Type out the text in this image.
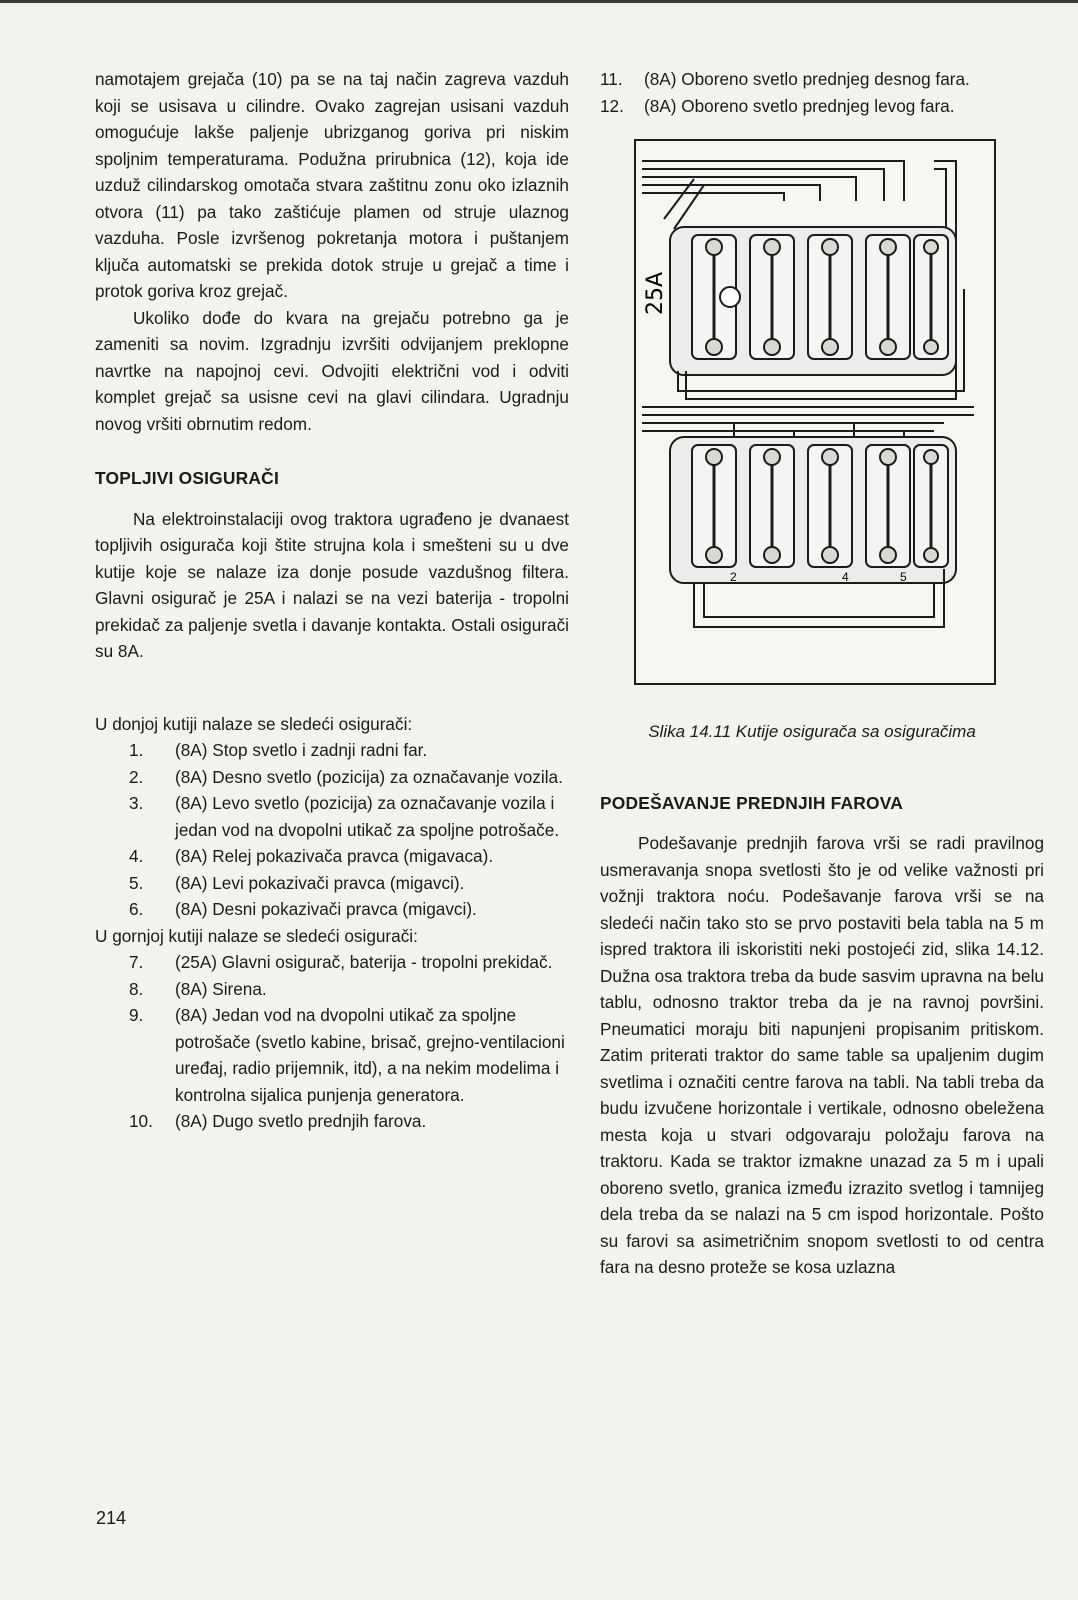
namotajem grejača (10) pa se na taj način zagreva vazduh koji se usisava u cilindre. Ovako zagrejan usisani vazduh omogućuje lakše paljenje ubrizganog goriva pri niskim spoljnim temperaturama. Podužna prirubnica (12), koja ide uzduž cilindarskog omotača stvara zaštitnu zonu oko izlaznih otvora (11) pa tako zaštićuje plamen od struje ulaznog vazduha. Posle izvršenog pokretanja motora i puštanjem ključa automatski se prekida dotok struje u grejač a time i protok goriva kroz grejač.

Ukoliko dođe do kvara na grejaču potrebno ga je zameniti sa novim. Izgradnju izvršiti odvijanjem preklopne navrtke na napojnoj cevi. Odvojiti električni vod i odviti komplet grejač sa usisne cevi na glavi cilindara. Ugradnju novog vršiti obrnutim redom.

TOPLJIVI OSIGURAČI

Na elektroinstalaciji ovog traktora ugrađeno je dvanaest topljivih osigurača koji štite strujna kola i smešteni su u dve kutije koje se nalaze iza donje posude vazdušnog filtera. Glavni osigurač je 25A i nalazi se na vezi baterija - tropolni prekidač za paljenje svetla i davanje kontakta. Ostali osigurači su 8A.

U donjoj kutiji nalaze se sledeći osigurači:

1.	(8A) Stop svetlo i zadnji radni far.
2.	(8A) Desno svetlo (pozicija) za označavanje vozila.
3.	(8A) Levo svetlo (pozicija) za označavanje vozila i jedan vod na dvopolni utikač za spoljne potrošače.
4.	(8A) Relej pokazivača pravca (migavaca).
5.	(8A) Levi pokazivači pravca (migavci).
6.	(8A) Desni pokazivači pravca (migavci).

U gornjoj kutiji nalaze se sledeći osigurači:

7.	(25A) Glavni osigurač, baterija - tropolni prekidač.
8.	(8A) Sirena.
9.	(8A) Jedan vod na dvopolni utikač za spoljne potrošače (svetlo kabine, brisač, grejno-ventilacioni uređaj, radio prijemnik, itd), a na nekim modelima i kontrolna sijalica punjenja generatora.
10.	(8A) Dugo svetlo prednjih farova.
11.	(8A) Oboreno svetlo prednjeg desnog fara.
12.	(8A) Oboreno svetlo prednjeg levog fara.
25A
2	4	5
Slika 14.11 Kutije osigurača sa osiguračima
PODEŠAVANJE PREDNJIH FAROVA

Podešavanje prednjih farova vrši se radi pravilnog usmeravanja snopa svetlosti što je od velike važnosti pri vožnji traktora noću. Podešavanje farova vrši se na sledeći način tako sto se prvo postaviti bela tabla na 5 m ispred traktora ili iskoristiti neki postojeći zid, slika 14.12. Dužna osa traktora treba da bude sasvim upravna na belu tablu, odnosno traktor treba da je na ravnoj površini. Pneumatici moraju biti napunjeni propisanim pritiskom. Zatim priterati traktor do same table sa upaljenim dugim svetlima i označiti centre farova na tabli. Na tabli treba da budu izvučene horizontale i vertikale, odnosno obeležena mesta koja u stvari odgovaraju položaju farova na traktoru. Kada se traktor izmakne unazad za 5 m i upali oboreno svetlo, granica između izrazito svetlog i tamnijeg dela treba da se nalazi na 5 cm ispod horizontale. Pošto su farovi sa asimetričnim snopom svetlosti to od centra fara na desno proteže se kosa uzlazna

214
